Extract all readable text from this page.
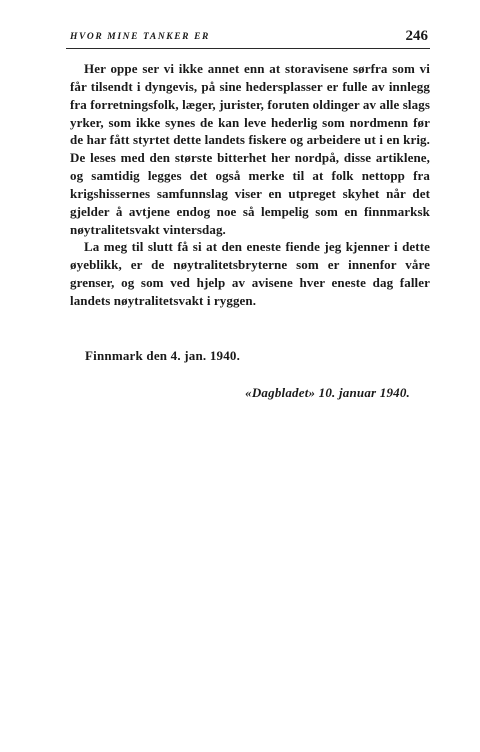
HVOR MINE TANKER ER	246

Her oppe ser vi ikke annet enn at storavisene sørfra som vi får tilsendt i dyngevis, på sine hedersplasser er fulle av innlegg fra forretningsfolk, læger, jurister, foruten oldinger av alle slags yrker, som ikke synes de kan leve hederlig som nordmenn før de har fått styrtet dette landets fiskere og arbeidere ut i en krig. De leses med den største bitterhet her nordpå, disse artiklene, og samtidig legges det også merke til at folk nettopp fra krigshissernes samfunnslag viser en utpreget skyhet når det gjelder å avtjene endog noe så lempelig som en finnmarksk nøytralitetsvakt vintersdag.

La meg til slutt få si at den eneste fiende jeg kjenner i dette øyeblikk, er de nøytralitetsbryterne som er innenfor våre grenser, og som ved hjelp av avisene hver eneste dag faller landets nøytralitetsvakt i ryggen.

Finnmark den 4. jan. 1940.
«Dagbladet» 10. januar 1940.
